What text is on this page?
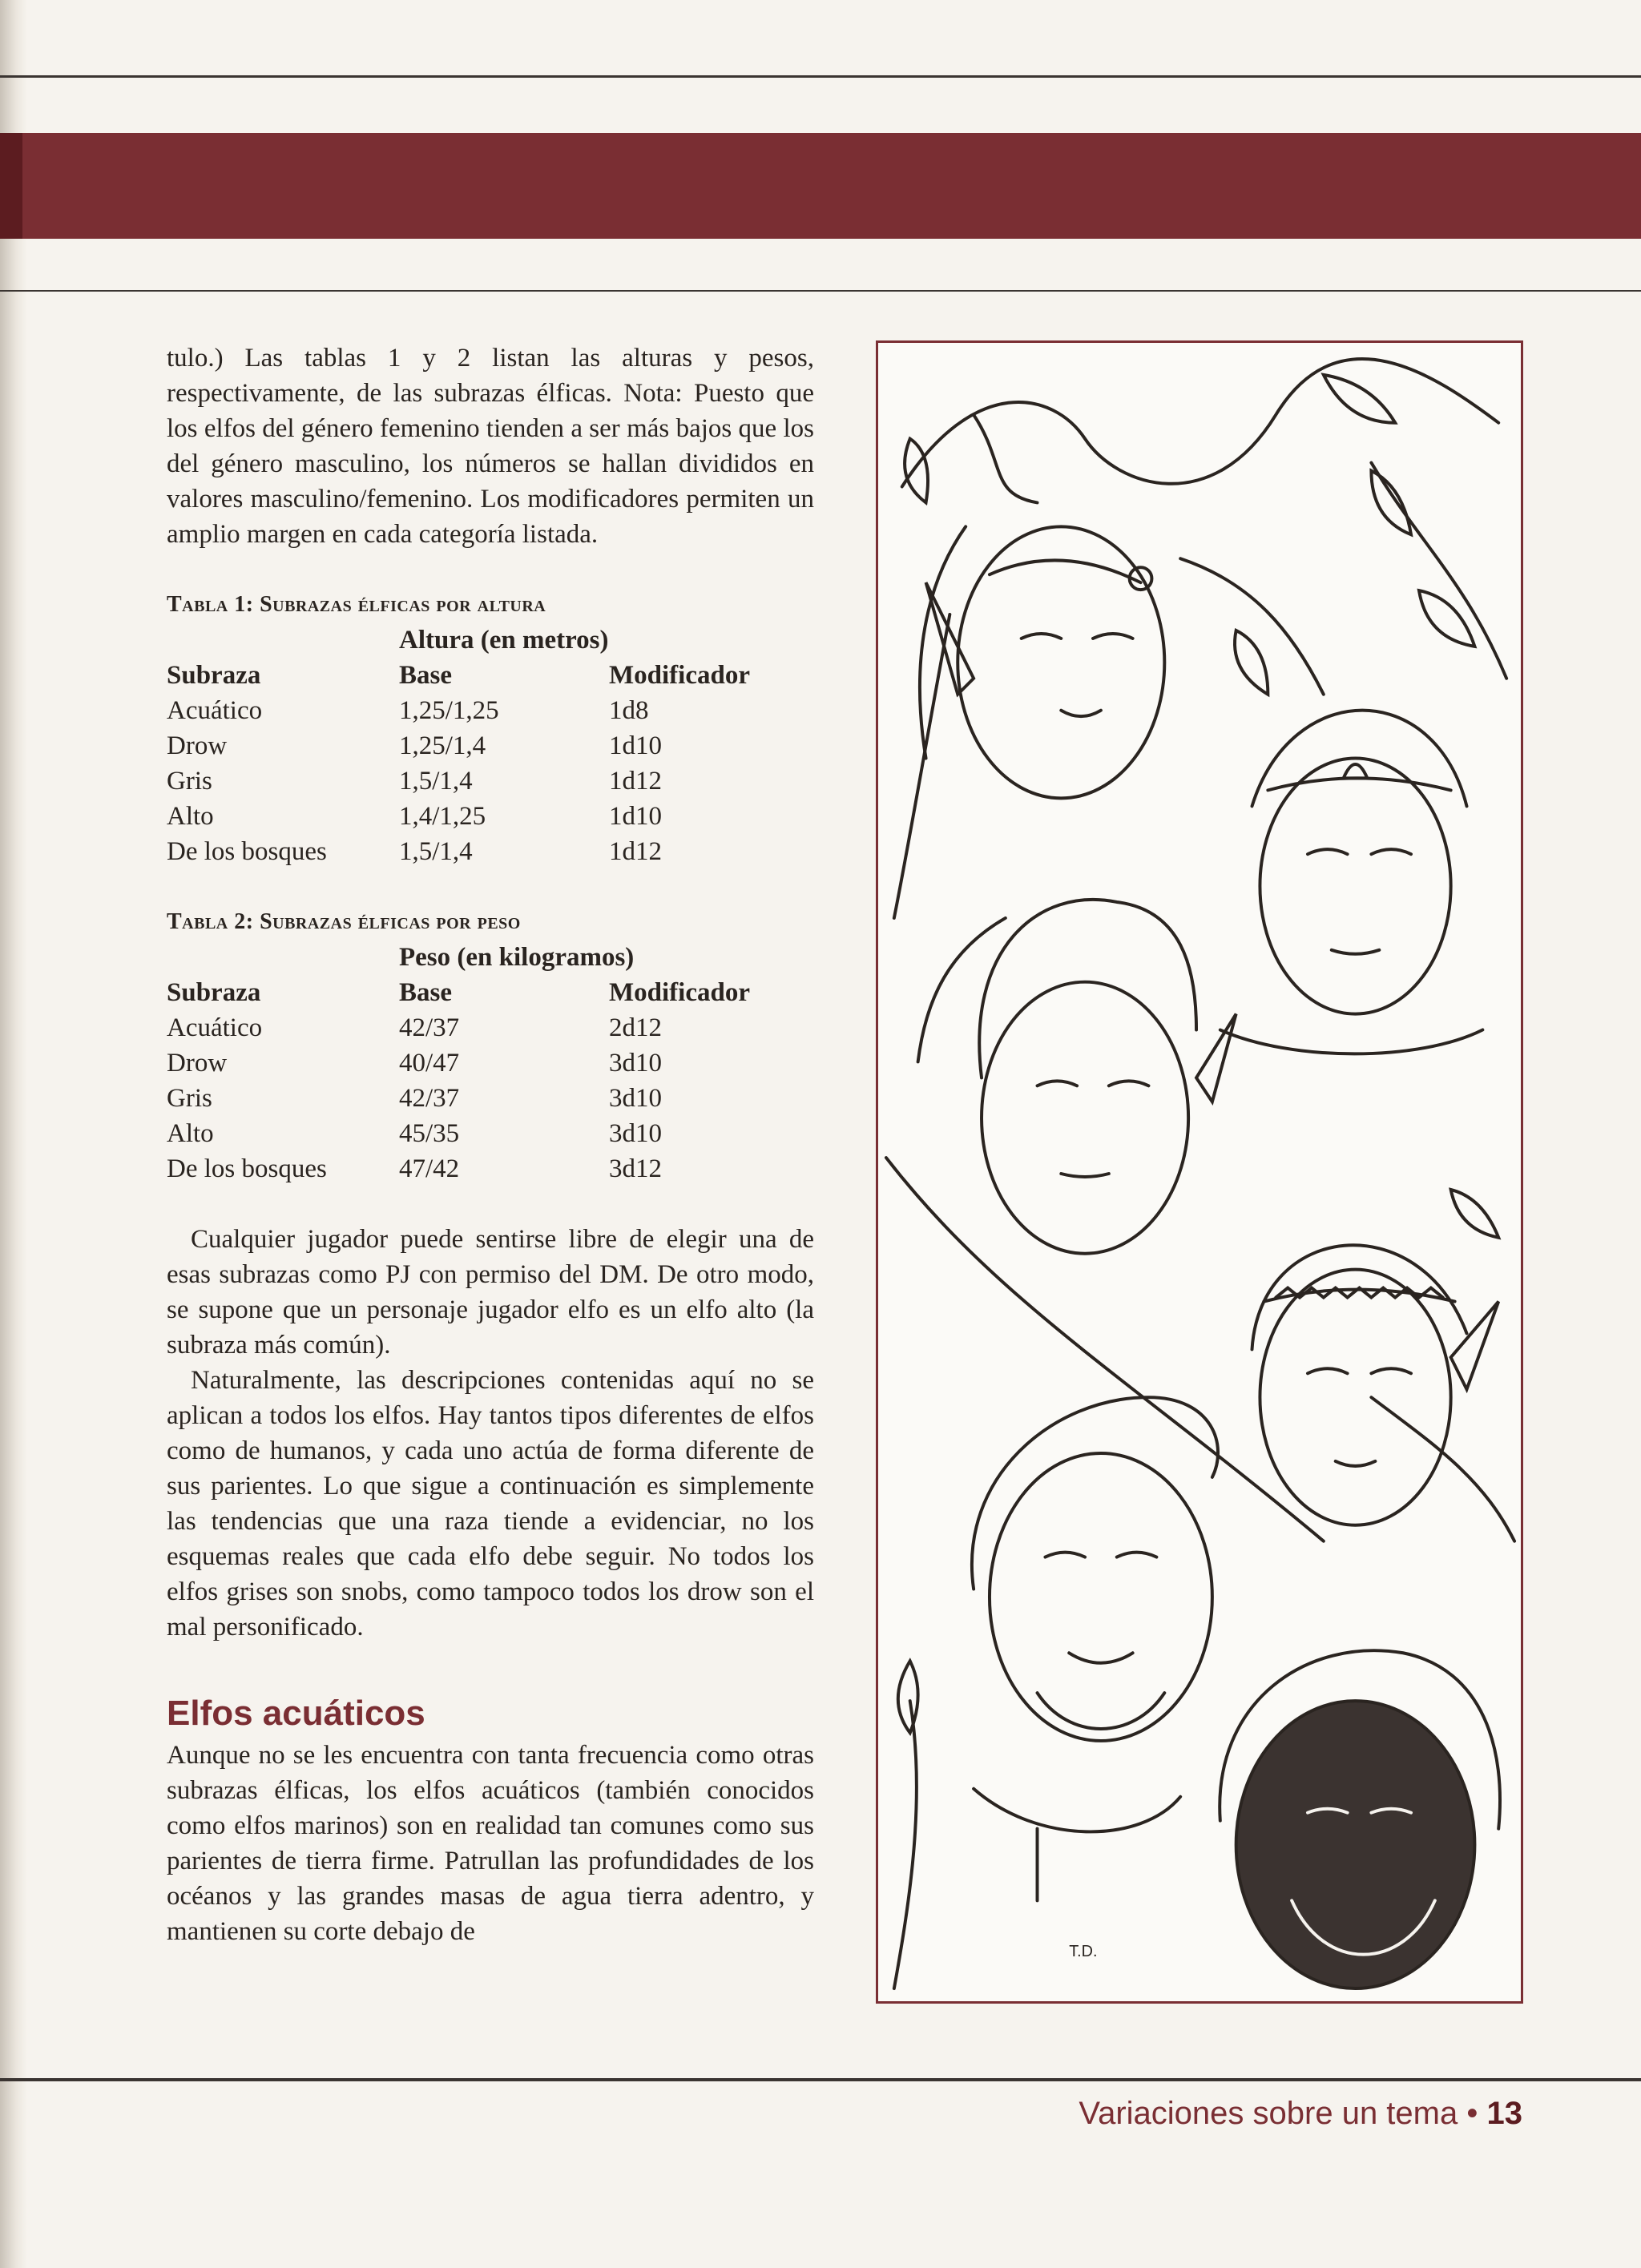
tulo.) Las tablas 1 y 2 listan las alturas y pesos, respectivamente, de las subrazas élficas. Nota: Puesto que los elfos del género femenino tienden a ser más bajos que los del género masculino, los números se hallan divididos en valores masculino/femenino. Los modificadores permiten un amplio margen en cada categoría listada.

Tabla 1: Subrazas élficas por altura

Altura (en metros)
Subraza	Base	Modificador
Acuático	1,25/1,25	1d8
Drow	1,25/1,4	1d10
Gris	1,5/1,4	1d12
Alto	1,4/1,25	1d10
De los bosques	1,5/1,4	1d12

Tabla 2: Subrazas élficas por peso

Peso (en kilogramos)
Subraza	Base	Modificador
Acuático	42/37	2d12
Drow	40/47	3d10
Gris	42/37	3d10
Alto	45/35	3d10
De los bosques	47/42	3d12

Cualquier jugador puede sentirse libre de elegir una de esas subrazas como PJ con permiso del DM. De otro modo, se supone que un personaje jugador elfo es un elfo alto (la subraza más común).

Naturalmente, las descripciones contenidas aquí no se aplican a todos los elfos. Hay tantos tipos diferentes de elfos como de humanos, y cada uno actúa de forma diferente de sus parientes. Lo que sigue a continuación es simplemente las tendencias que una raza tiende a evidenciar, no los esquemas reales que cada elfo debe seguir. No todos los elfos grises son snobs, como tampoco todos los drow son el mal personificado.

Elfos acuáticos

Aunque no se les encuentra con tanta frecuencia como otras subrazas élficas, los elfos acuáticos (también conocidos como elfos marinos) son en realidad tan comunes como sus parientes de tierra firme. Patrullan las profundidades de los océanos y las grandes masas de agua tierra adentro, y mantienen su corte debajo de

T.D.
Variaciones sobre un tema • 13
